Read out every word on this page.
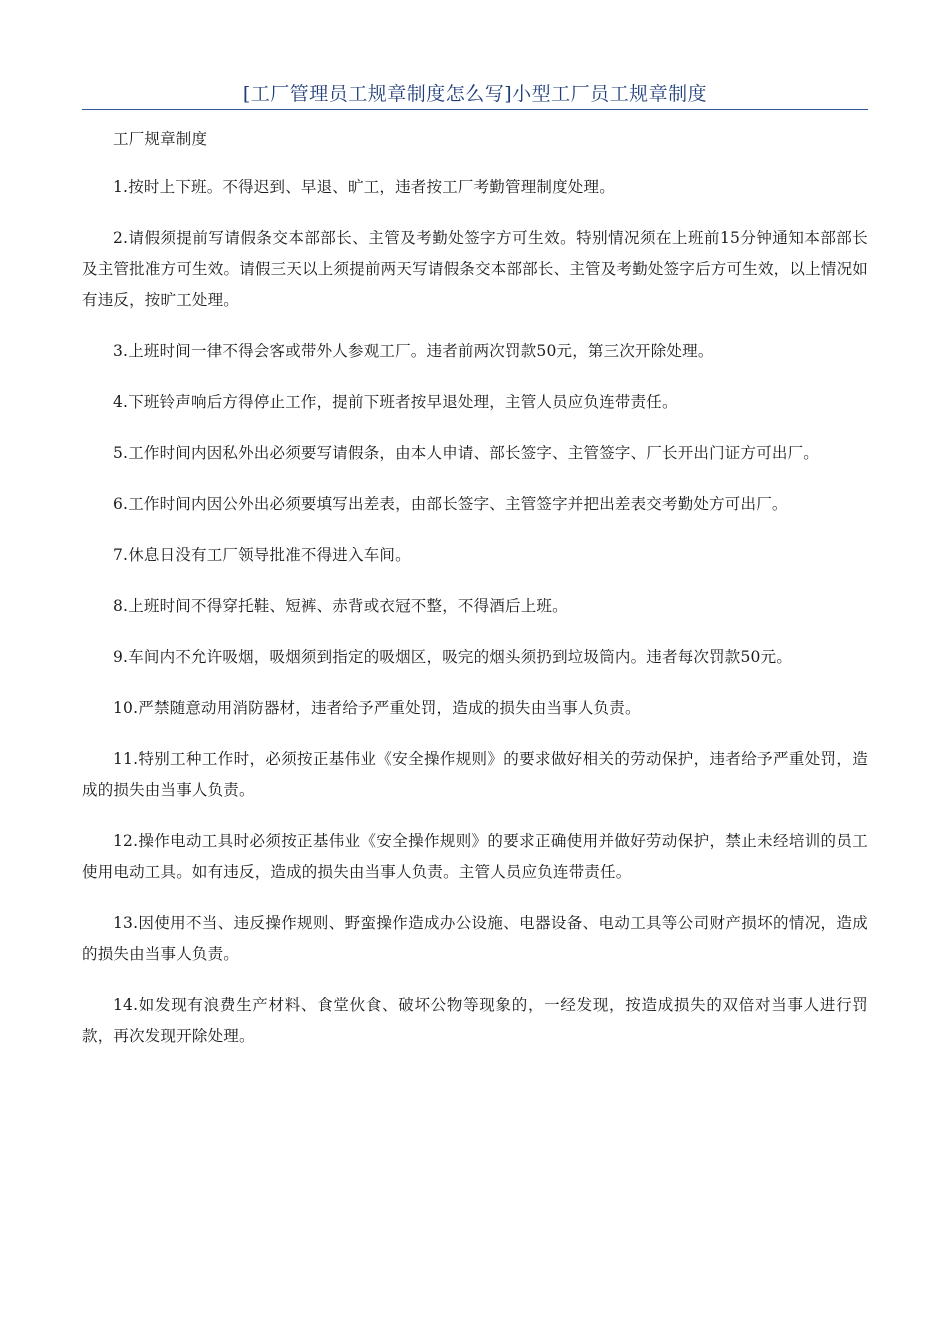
[工厂管理员工规章制度怎么写]小型工厂员工规章制度

工厂规章制度

1.按时上下班。不得迟到、早退、旷工，违者按工厂考勤管理制度处理。

2.请假须提前写请假条交本部部长、主管及考勤处签字方可生效。特别情况须在上班前15分钟通知本部部长及主管批准方可生效。请假三天以上须提前两天写请假条交本部部长、主管及考勤处签字后方可生效，以上情况如有违反，按旷工处理。

3.上班时间一律不得会客或带外人参观工厂。违者前两次罚款50元，第三次开除处理。

4.下班铃声响后方得停止工作，提前下班者按早退处理，主管人员应负连带责任。

5.工作时间内因私外出必须要写请假条，由本人申请、部长签字、主管签字、厂长开出门证方可出厂。

6.工作时间内因公外出必须要填写出差表，由部长签字、主管签字并把出差表交考勤处方可出厂。

7.休息日没有工厂领导批准不得进入车间。

8.上班时间不得穿托鞋、短裤、赤背或衣冠不整，不得酒后上班。

9.车间内不允许吸烟，吸烟须到指定的吸烟区，吸完的烟头须扔到垃圾筒内。违者每次罚款50元。

10.严禁随意动用消防器材，违者给予严重处罚，造成的损失由当事人负责。

11.特别工种工作时，必须按正基伟业《安全操作规则》的要求做好相关的劳动保护，违者给予严重处罚，造成的损失由当事人负责。

12.操作电动工具时必须按正基伟业《安全操作规则》的要求正确使用并做好劳动保护，禁止未经培训的员工使用电动工具。如有违反，造成的损失由当事人负责。主管人员应负连带责任。

13.因使用不当、违反操作规则、野蛮操作造成办公设施、电器设备、电动工具等公司财产损坏的情况，造成的损失由当事人负责。

14.如发现有浪费生产材料、食堂伙食、破坏公物等现象的，一经发现，按造成损失的双倍对当事人进行罚款，再次发现开除处理。
